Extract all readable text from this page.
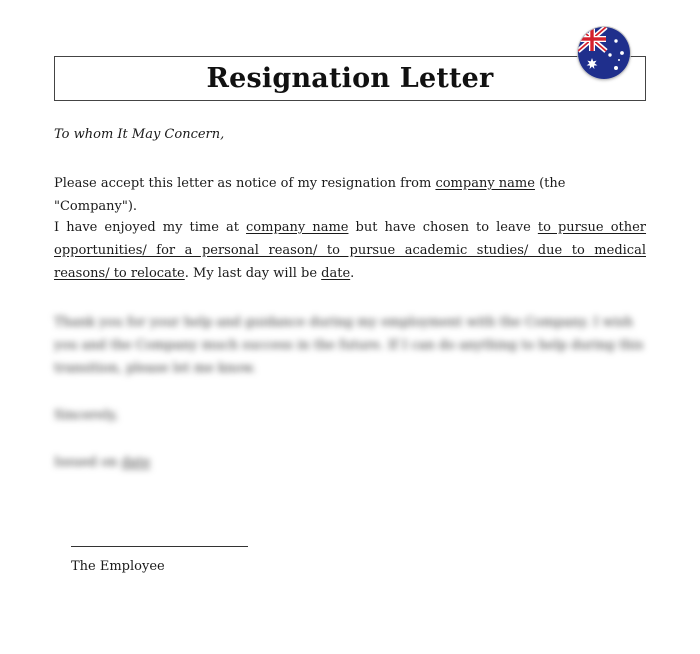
Resignation Letter

To whom It May Concern,

Please accept this letter as notice of my resignation from company name (the "Company").

I have enjoyed my time at company name but have chosen to leave to pursue other opportunities/ for a personal reason/ to pursue academic studies/ due to medical reasons/ to relocate. My last day will be date.

Thank you for your help and guidance during my employment with the Company. I wish you and the Company much success in the future. If I can do anything to help during this transition, please let me know.

Sincerely,

Issued on date

The Employee
